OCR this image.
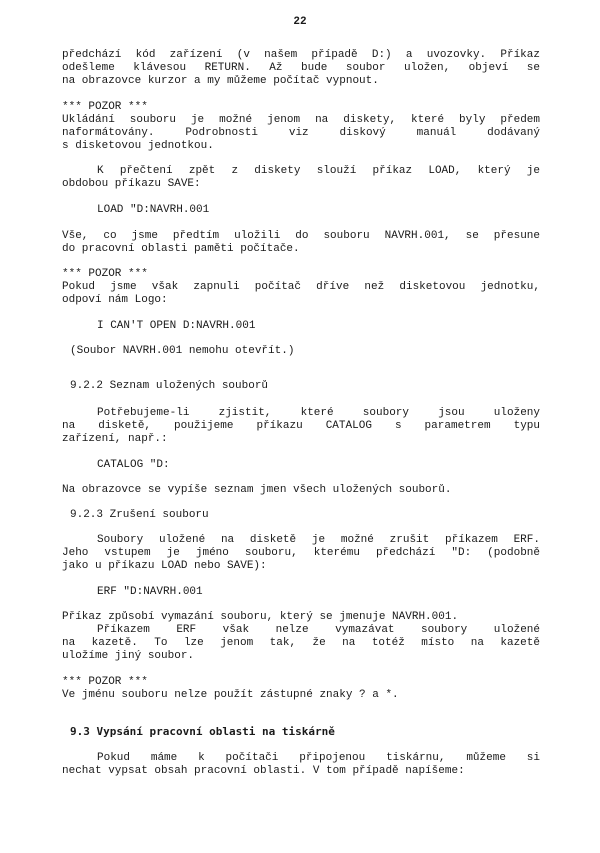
22
předchází kód zařízení (v našem případě D:) a uvozovky. Příkaz
odešleme klávesou RETURN. Až bude soubor uložen, objeví se
na obrazovce kurzor a my můžeme počítač vypnout.
*** POZOR ***
Ukládání souboru je možné jenom na diskety, které byly předem
naformátovány. Podrobnosti viz diskový manuál dodávaný
s disketovou jednotkou.
K přečtení zpět z diskety slouží příkaz LOAD, který je
obdobou příkazu SAVE:
LOAD "D:NAVRH.001
Vše, co jsme předtím uložili do souboru NAVRH.001, se přesune
do pracovní oblasti paměti počítače.
*** POZOR ***
Pokud jsme však zapnuli počítač dříve než disketovou jednotku,
odpoví nám Logo:
I CAN'T OPEN D:NAVRH.001
(Soubor NAVRH.001 nemohu otevřít.)
9.2.2 Seznam uložených souborů
Potřebujeme-li zjistit, které soubory jsou uloženy
na disketě, použijeme příkazu CATALOG s parametrem typu
zařízení, např.:
CATALOG "D:
Na obrazovce se vypíše seznam jmen všech uložených souborů.
9.2.3 Zrušení souboru
Soubory uložené na disketě je možné zrušit příkazem ERF.
Jeho vstupem je jméno souboru, kterému předchází "D: (podobně
jako u příkazu LOAD nebo SAVE):
ERF "D:NAVRH.001
Příkaz způsobí vymazání souboru, který se jmenuje NAVRH.001.
Příkazem ERF však nelze vymazávat soubory uložené
na kazetě. To lze jenom tak, že na totéž místo na kazetě
uložíme jiný soubor.
*** POZOR ***
Ve jménu souboru nelze použít zástupné znaky ? a *.
9.3 Vypsání pracovní oblasti na tiskárně
Pokud máme k počítači připojenou tiskárnu, můžeme si
nechat vypsat obsah pracovní oblasti. V tom případě napíšeme:
